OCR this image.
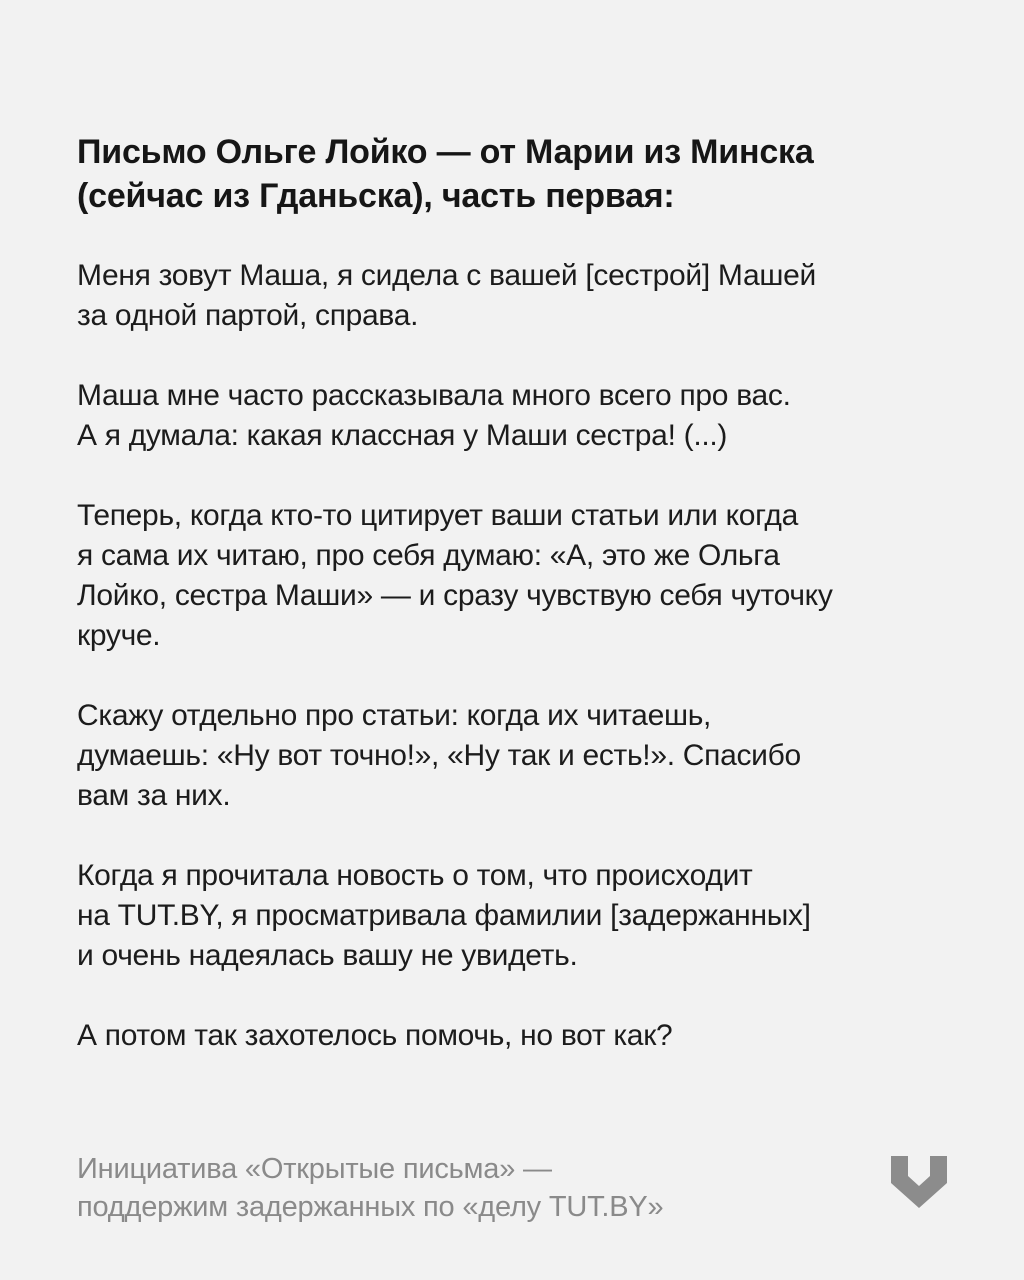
Письмо Ольге Лойко — от Марии из Минска
(сейчас из Гданьска), часть первая:

Меня зовут Маша, я сидела с вашей [сестрой] Машей
за одной партой, справа.

Маша мне часто рассказывала много всего про вас.
А я думала: какая классная у Маши сестра! (...)

Теперь, когда кто-то цитирует ваши статьи или когда
я сама их читаю, про себя думаю: «А, это же Ольга
Лойко, сестра Маши» — и сразу чувствую себя чуточку
круче.

Скажу отдельно про статьи: когда их читаешь,
думаешь: «Ну вот точно!», «Ну так и есть!». Спасибо
вам за них.

Когда я прочитала новость о том, что происходит
на TUT.BY, я просматривала фамилии [задержанных]
и очень надеялась вашу не увидеть.

А потом так захотелось помочь, но вот как?

Инициатива «Открытые письма» —
поддержим задержанных по «делу TUT.BY»
